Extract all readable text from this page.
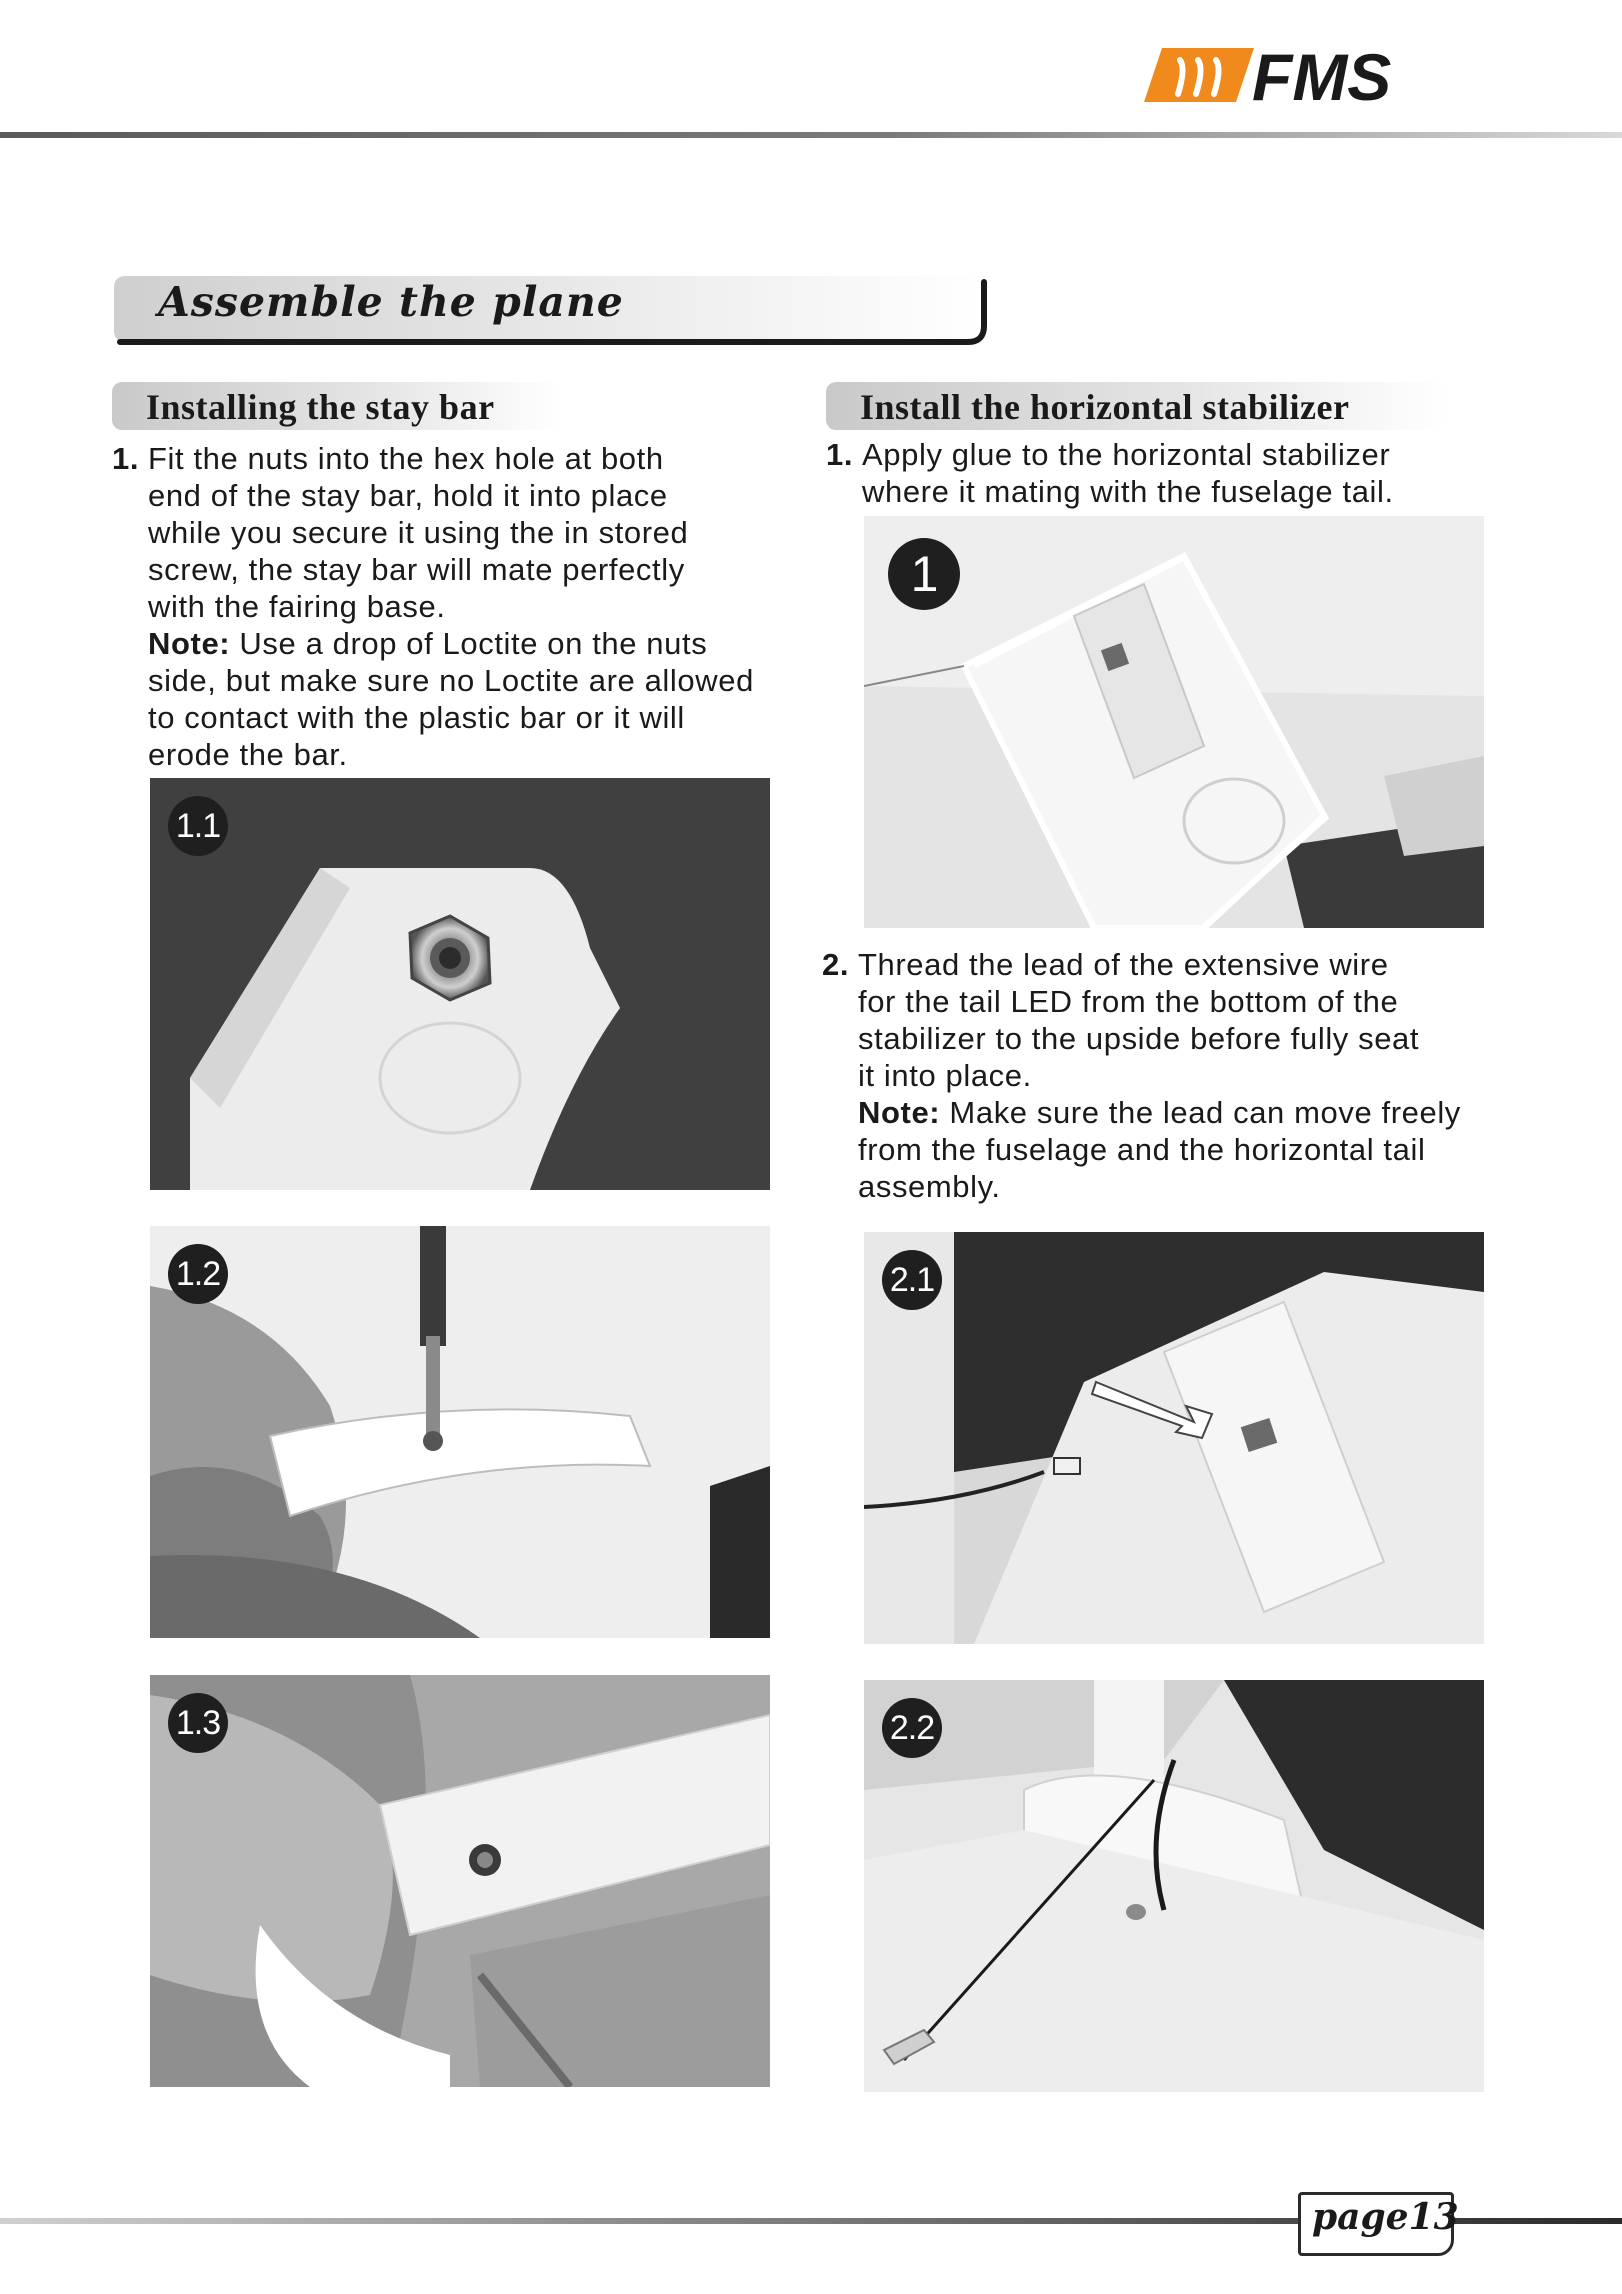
FMS
Assemble the plane
Installing the stay bar
1. Fit the nuts into the hex hole at both
end of the stay bar, hold it into place
while you secure it using the in stored
screw, the stay bar will mate perfectly
with the fairing base.
Note: Use a drop of Loctite on the nuts
side, but make sure no Loctite are allowed
to contact with the plastic bar or it will
erode the bar.
1.1
1.2
1.3
Install the horizontal stabilizer
1. Apply glue to the horizontal stabilizer
where it mating with the fuselage tail.
1
2. Thread the lead of the extensive wire
for the tail LED from the bottom of the
stabilizer to the upside before fully seat
it into place.
Note: Make sure the lead can move freely
from the fuselage and the horizontal tail
assembly.
2.1
2.2
page13
